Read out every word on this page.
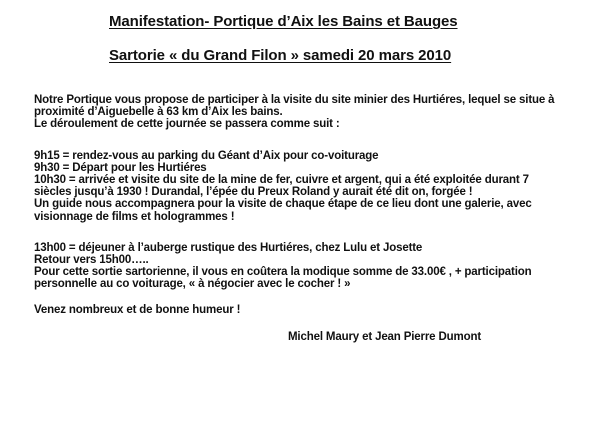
Manifestation- Portique d’Aix les Bains et Bauges
Sartorie « du Grand Filon » samedi 20 mars 2010

Notre Portique vous propose de participer à la visite du site minier des Hurtiéres, lequel se situe à

proximité d’Aiguebelle à 63 km d’Aix les bains.

Le déroulement de cette journée se passera comme suit :

9h15 = rendez-vous au parking du Géant d’Aix pour co-voiturage

9h30 = Départ pour les Hurtiéres

10h30 = arrivée et visite du site de la mine de fer, cuivre et argent, qui a été exploitée durant 7

siècles jusqu’à 1930 ! Durandal, l’épée du Preux Roland y aurait été dit on, forgée !

Un guide nous accompagnera pour la visite de chaque étape de ce lieu dont une galerie, avec

visionnage de films et hologrammes !

13h00 = déjeuner à l’auberge rustique des Hurtiéres, chez Lulu et Josette

Retour vers 15h00…..

Pour cette sortie sartorienne, il vous en coûtera la modique somme de 33.00€ , + participation

personnelle au co voiturage, « à négocier avec le cocher ! »

Venez nombreux et de bonne humeur !

Michel Maury et Jean Pierre Dumont
